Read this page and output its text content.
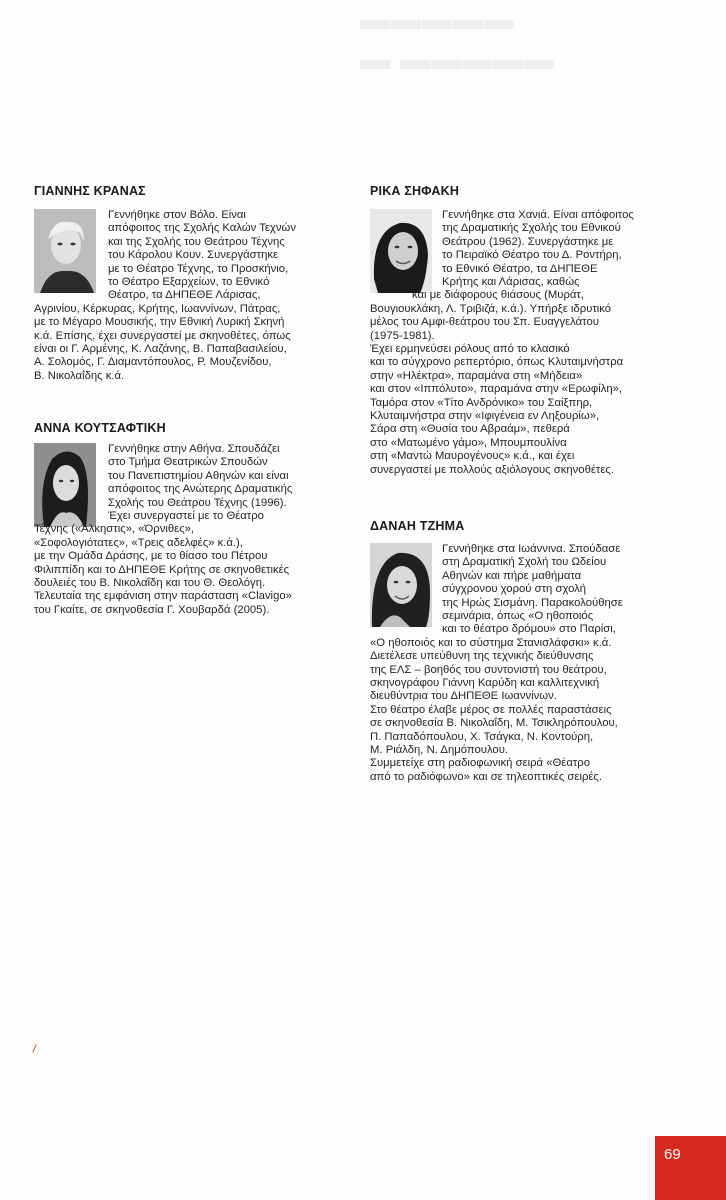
▬▬▬▬▬
▬ ▬▬▬▬▬
ΓΙΑΝΝΗΣ ΚΡΑΝΑΣ
Γεννήθηκε στον Βόλο. Είναι
απόφοιτος της Σχολής Καλών Τεχνών
και της Σχολής του Θεάτρου Τέχνης
του Κάρολου Κουν. Συνεργάστηκε
με το Θέατρο Τέχνης, το Προσκήνιο,
το Θέατρο Εξαρχείων, το Εθνικό
Θέατρο, τα ΔΗΠΕΘΕ Λάρισας,
Αγρινίου, Κέρκυρας, Κρήτης, Ιωαννίνων, Πάτρας,
με το Μέγαρο Μουσικής, την Εθνική Λυρική Σκηνή
κ.ά. Επίσης, έχει συνεργαστεί με σκηνοθέτες, όπως
είναι οι Γ. Αρμένης, Κ. Λαζάνης, Β. Παπαβασιλείου,
Α. Σολομός, Γ. Διαμαντόπουλος, Ρ. Μουζενίδου,
Β. Νικολαΐδης κ.ά.
ΑΝΝΑ ΚΟΥΤΣΑΦΤΙΚΗ
Γεννήθηκε στην Αθήνα. Σπουδάζει
στο Τμήμα Θεατρικών Σπουδών
του Πανεπιστημίου Αθηνών και είναι
απόφοιτος της Ανώτερης Δραματικής
Σχολής του Θεάτρου Τέχνης (1996).
Έχει συνεργαστεί με το Θέατρο
Τέχνης («Άλκηστις», «Όρνιθες»,
«Σοφολογιότατες», «Τρεις αδελφές» κ.ά.),
με την Ομάδα Δράσης, με το θίασο του Πέτρου
Φιλιππίδη και το ΔΗΠΕΘΕ Κρήτης σε σκηνοθετικές
δουλειές του Β. Νικολαΐδη και του Θ. Θεολόγη.
Τελευταία της εμφάνιση στην παράσταση «Clavigo»
του Γκαίτε, σε σκηνοθεσία Γ. Χουβαρδά (2005).
ΡΙΚΑ ΣΗΦΑΚΗ
Γεννήθηκε στα Χανιά. Είναι απόφοιτος
της Δραματικής Σχολής του Εθνικού
Θεάτρου (1962). Συνεργάστηκε με
το Πειραϊκό Θέατρο του Δ. Ροντήρη,
το Εθνικό Θέατρο, τα ΔΗΠΕΘΕ
Κρήτης και Λάρισας, καθώς
και με διάφορους θιάσους (Μυράτ,
Βουγιουκλάκη, Λ. Τριβιζά, κ.ά.). Υπήρξε ιδρυτικό
μέλος του Αμφι-θεάτρου του Σπ. Ευαγγελάτου
(1975-1981).
Έχει ερμηνεύσει ρόλους από το κλασικό
και το σύγχρονο ρεπερτόριο, όπως Κλυταιμνήστρα
στην «Ηλέκτρα», παραμάνα στη «Μήδεια»
και στον «Ιππόλυτο», παραμάνα στην «Ερωφίλη»,
Ταμόρα στον «Τίτο Ανδρόνικο» του Σαίξπηρ,
Κλυταιμνήστρα στην «Ιφιγένεια εν Ληξουρίω»,
Σάρα στη «Θυσία του Αβραάμ», πεθερά
στο «Ματωμένο γάμο», Μπουμπουλίνα
στη «Μαντώ Μαυρογένους» κ.ά., και έχει
συνεργαστεί με πολλούς αξιόλογους σκηνοθέτες.
ΔΑΝΑΗ ΤΖΗΜΑ
Γεννήθηκε στα Ιωάννινα. Σπούδασε
στη Δραματική Σχολή του Ωδείου
Αθηνών και πήρε μαθήματα
σύγχρονου χορού στη σχολή
της Ηρώς Σισμάνη. Παρακολούθησε
σεμινάρια, όπως «Ο ηθοποιός
και το θέατρο δρόμου» στο Παρίσι,
«Ο ηθοποιός και το σύστημα Στανισλάφσκι» κ.ά.
Διετέλεσε υπεύθυνη της τεχνικής διεύθυνσης
της ΕΛΣ – βοηθός του συντονιστή του θεάτρου,
σκηνογράφου Γιάννη Καρύδη και καλλιτεχνική
διευθύντρια του ΔΗΠΕΘΕ Ιωαννίνων.
Στο θέατρο έλαβε μέρος σε πολλές παραστάσεις
σε σκηνοθεσία Β. Νικολαΐδη, Μ. Τσικληρόπουλου,
Π. Παπαδόπουλου, Χ. Τσάγκα, Ν. Κοντούρη,
Μ. Ριάλδη, Ν. Δημόπουλου.
Συμμετείχε στη ραδιοφωνική σειρά «Θέατρο
από το ραδιόφωνο» και σε τηλεοπτικές σειρές.
69
